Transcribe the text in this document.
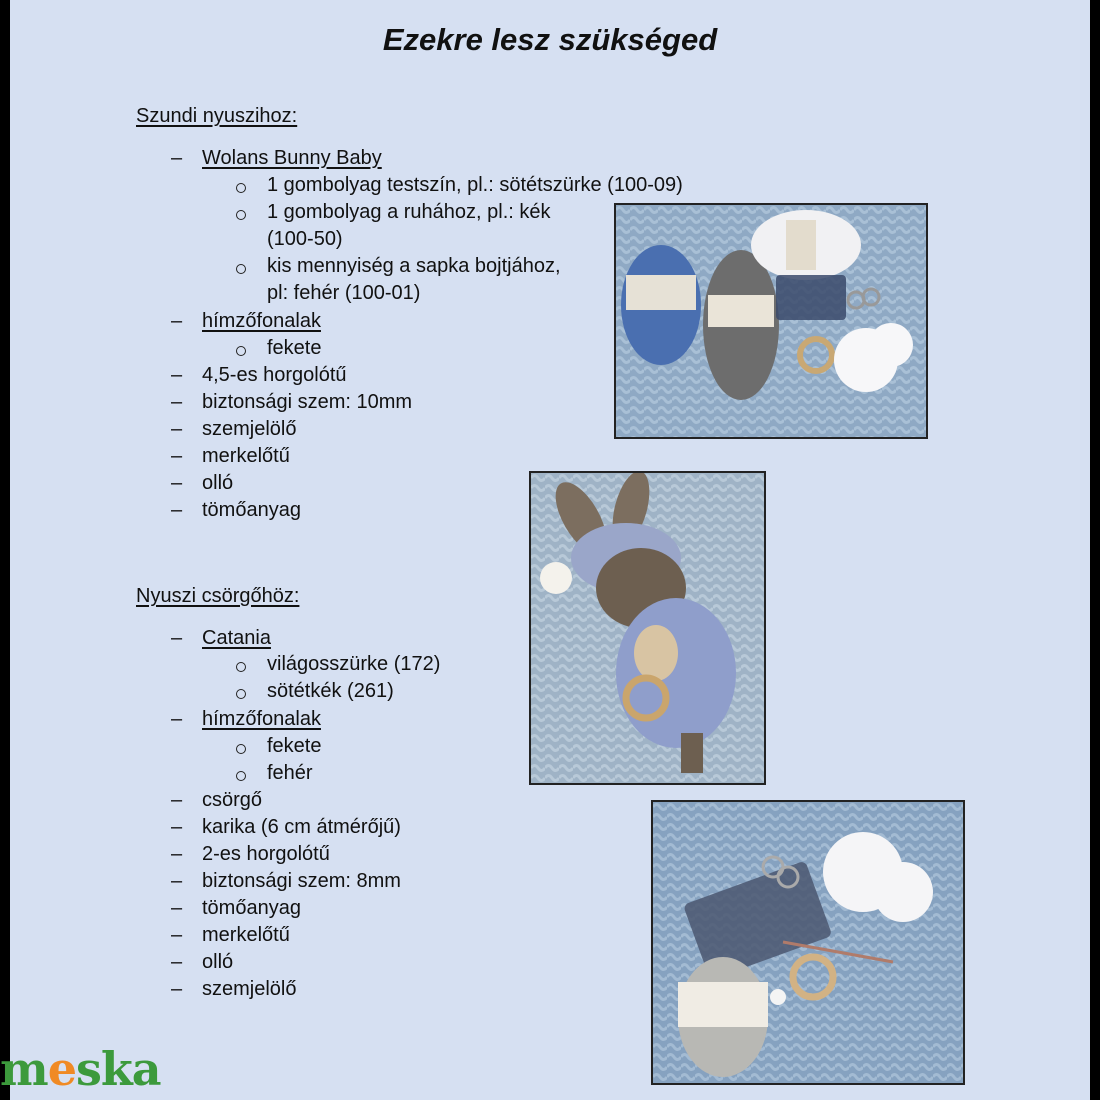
Ezekre lesz szükséged
Szundi nyuszihoz:
– Wolans Bunny Baby
1 gombolyag testszín, pl.: sötétszürke (100-09)
1 gombolyag a ruhához, pl.: kék
(100-50)
kis mennyiség a sapka bojtjához,
pl: fehér (100-01)
– hímzőfonalak
fekete
– 4,5-es horgolótű
– biztonsági szem: 10mm
– szemjelölő
– merkelőtű
– olló
– tömőanyag
Nyuszi csörgőhöz:
– Catania
világosszürke (172)
sötétkék (261)
– hímzőfonalak
fekete
fehér
– csörgő
– karika (6 cm átmérőjű)
– 2-es horgolótű
– biztonsági szem: 8mm
– tömőanyag
– merkelőtű
– olló
– szemjelölő
meska
